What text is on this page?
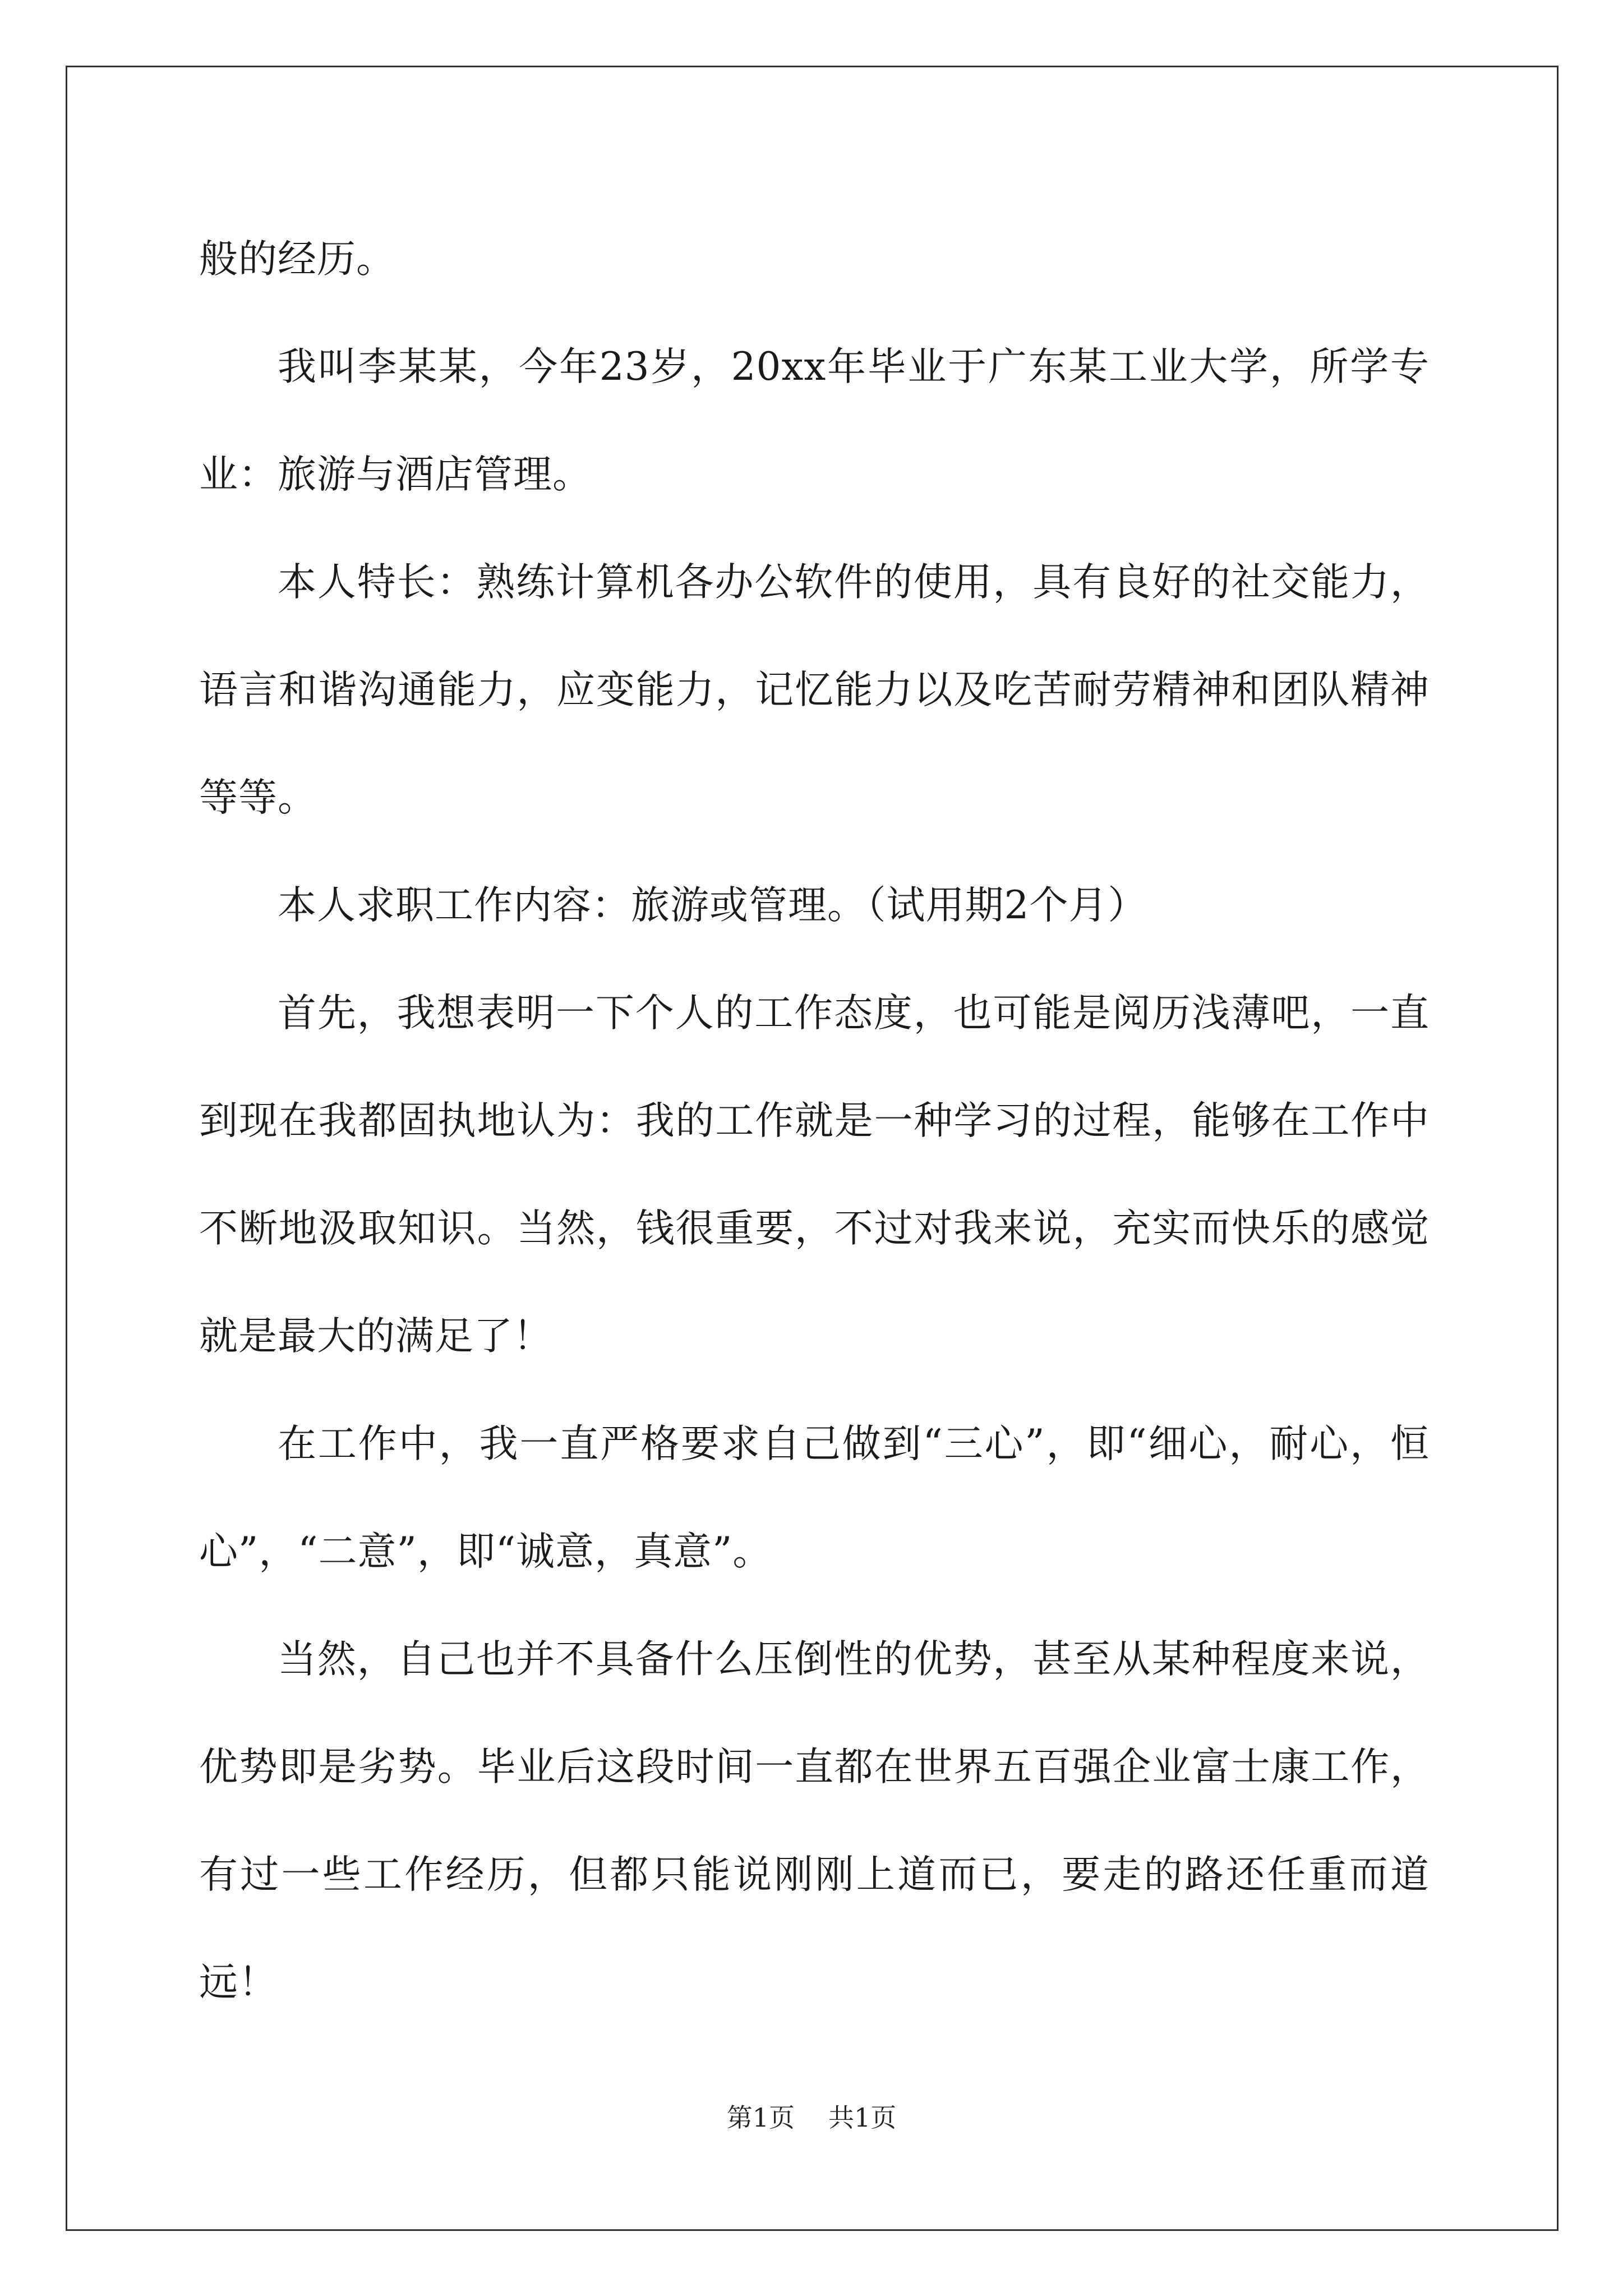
般的经历。

我叫李某某，今年23岁，20xx年毕业于广东某工业大学，所学专业：旅游与酒店管理。

本人特长：熟练计算机各办公软件的使用，具有良好的社交能力，语言和谐沟通能力，应变能力，记忆能力以及吃苦耐劳精神和团队精神等等。

本人求职工作内容：旅游或管理。（试用期2个月）

首先，我想表明一下个人的工作态度，也可能是阅历浅薄吧，一直到现在我都固执地认为：我的工作就是一种学习的过程，能够在工作中不断地汲取知识。当然，钱很重要，不过对我来说，充实而快乐的感觉就是最大的满足了！

在工作中，我一直严格要求自己做到“三心”，即“细心，耐心，恒心”，“二意”，即“诚意，真意”。

当然，自己也并不具备什么压倒性的优势，甚至从某种程度来说，优势即是劣势。毕业后这段时间一直都在世界五百强企业富士康工作，有过一些工作经历，但都只能说刚刚上道而已，要走的路还任重而道远！

第1页 共1页
